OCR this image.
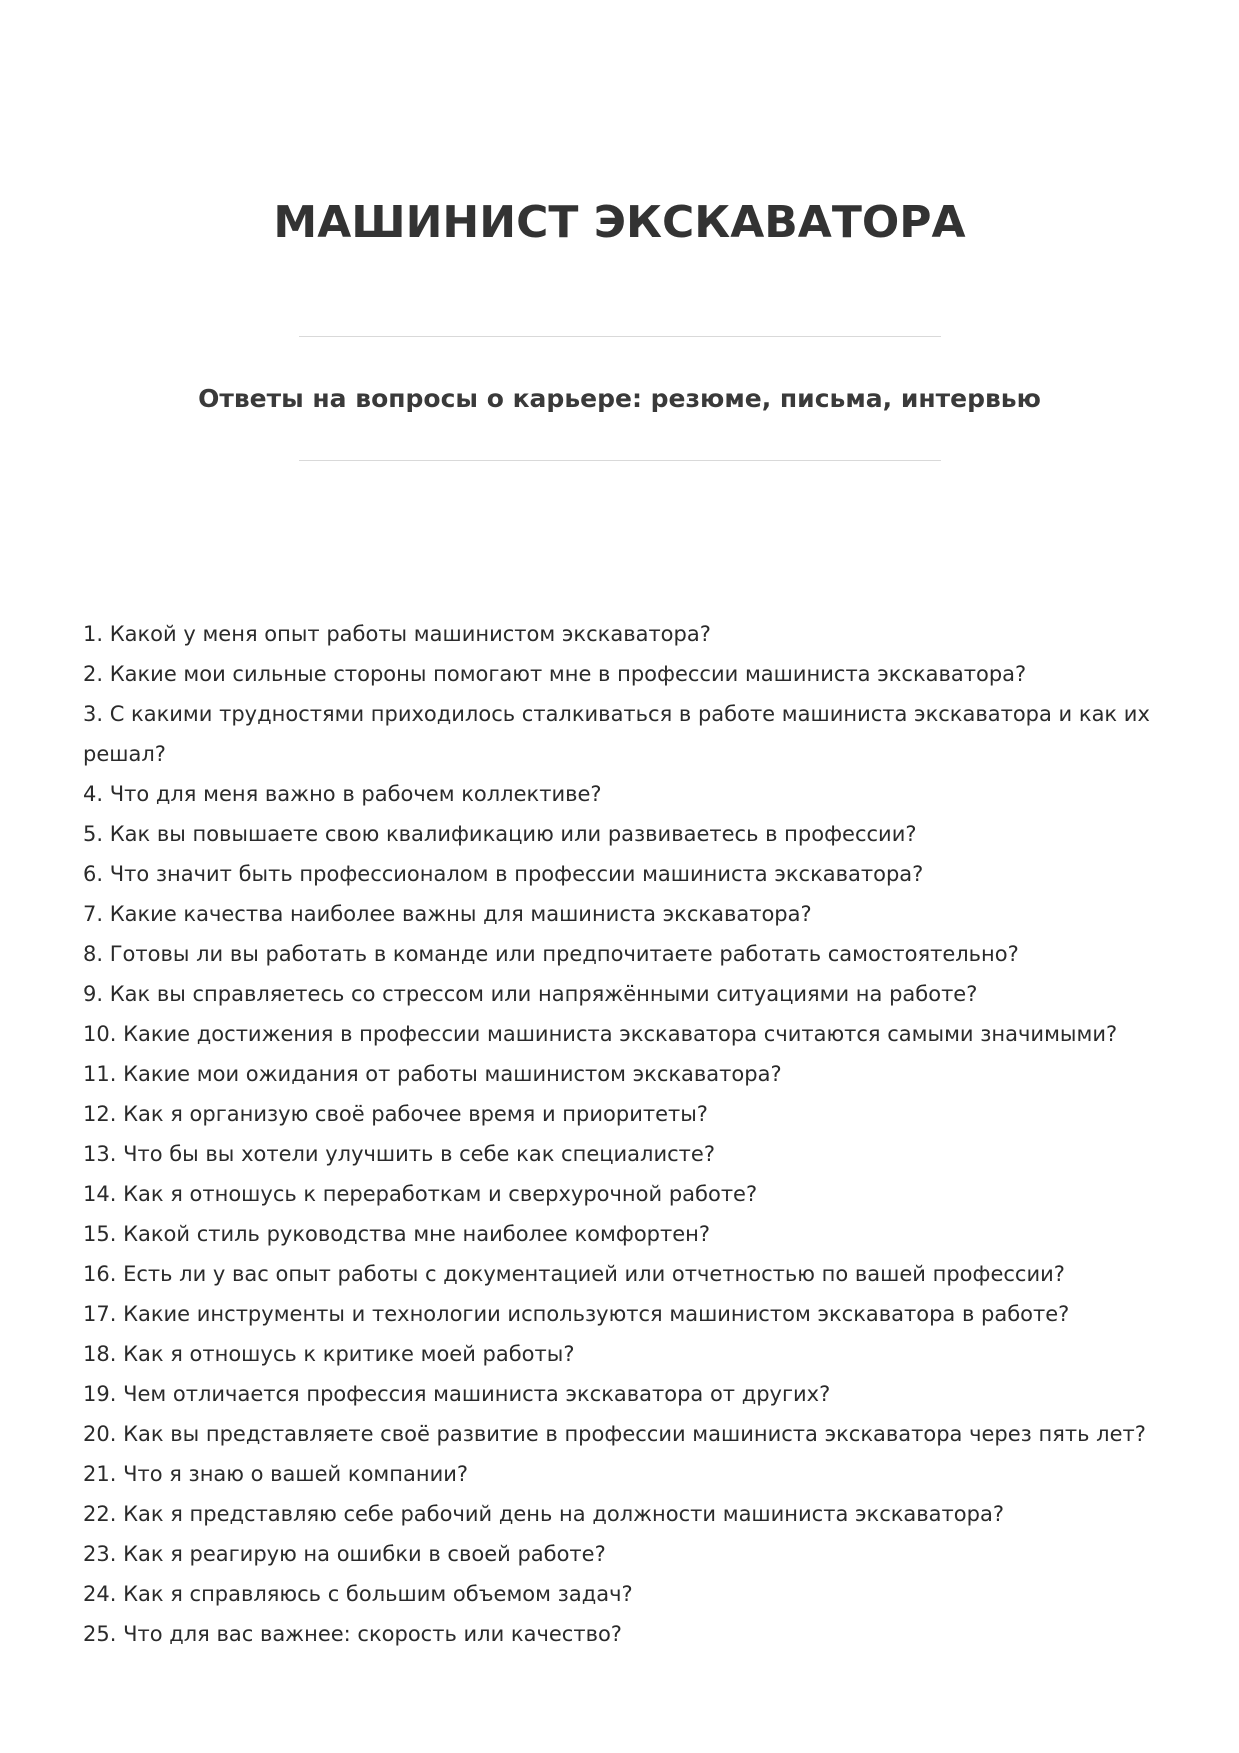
МАШИНИСТ ЭКСКАВАТОРА
Ответы на вопросы о карьере: резюме, письма, интервью
1. Какой у меня опыт работы машинистом экскаватора?
2. Какие мои сильные стороны помогают мне в профессии машиниста экскаватора?
3. С какими трудностями приходилось сталкиваться в работе машиниста экскаватора и как их решал?
4. Что для меня важно в рабочем коллективе?
5. Как вы повышаете свою квалификацию или развиваетесь в профессии?
6. Что значит быть профессионалом в профессии машиниста экскаватора?
7. Какие качества наиболее важны для машиниста экскаватора?
8. Готовы ли вы работать в команде или предпочитаете работать самостоятельно?
9. Как вы справляетесь со стрессом или напряжёнными ситуациями на работе?
10. Какие достижения в профессии машиниста экскаватора считаются самыми значимыми?
11. Какие мои ожидания от работы машинистом экскаватора?
12. Как я организую своё рабочее время и приоритеты?
13. Что бы вы хотели улучшить в себе как специалисте?
14. Как я отношусь к переработкам и сверхурочной работе?
15. Какой стиль руководства мне наиболее комфортен?
16. Есть ли у вас опыт работы с документацией или отчетностью по вашей профессии?
17. Какие инструменты и технологии используются машинистом экскаватора в работе?
18. Как я отношусь к критике моей работы?
19. Чем отличается профессия машиниста экскаватора от других?
20. Как вы представляете своё развитие в профессии машиниста экскаватора через пять лет?
21. Что я знаю о вашей компании?
22. Как я представляю себе рабочий день на должности машиниста экскаватора?
23. Как я реагирую на ошибки в своей работе?
24. Как я справляюсь с большим объемом задач?
25. Что для вас важнее: скорость или качество?
